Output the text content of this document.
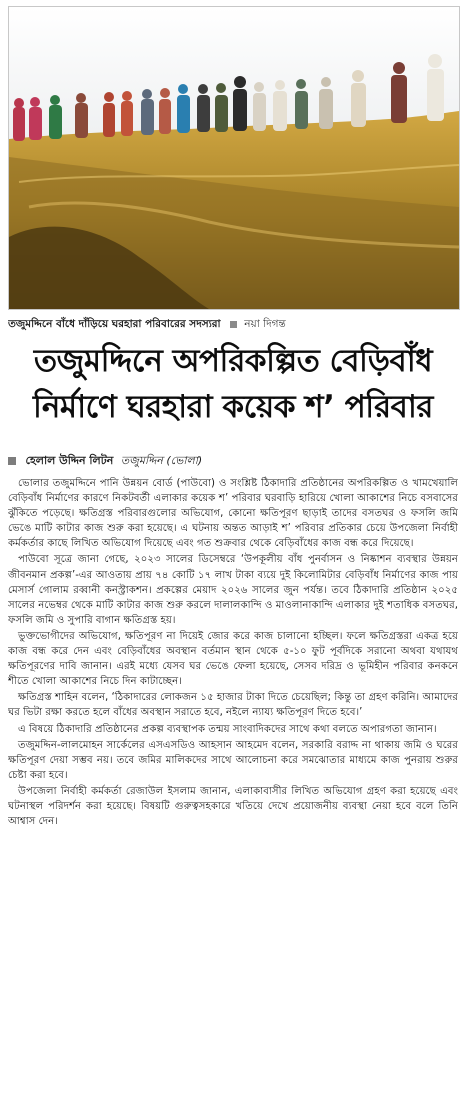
তজুমদ্দিনে বাঁধে দাঁড়িয়ে ঘরহারা পরিবারের সদস্যরা নয়া দিগন্ত
তজুমদ্দিনে অপরিকল্পিত বেড়িবাঁধ
নির্মাণে ঘরহারা কয়েক শ’ পরিবার
হেলাল উদ্দিন লিটন তজুমদ্দিন (ভোলা)

ভোলার তজুমদ্দিনে পানি উন্নয়ন বোর্ড (পাউবো) ও সংশ্লিষ্ট ঠিকাদারি প্রতিষ্ঠানের অপরিকল্পিত ও খামখেয়ালি বেড়িবাঁধ নির্মাণের কারণে নিকটবর্তী এলাকার কয়েক শ’ পরিবার ঘরবাড়ি হারিয়ে খোলা আকাশের নিচে বসবাসের ঝুঁকিতে পড়েছে। ক্ষতিগ্রস্ত পরিবারগুলোর অভিযোগ, কোনো ক্ষতিপূরণ ছাড়াই তাদের বসতঘর ও ফসলি জমি ভেঙে মাটি কাটার কাজ শুরু করা হয়েছে। এ ঘটনায় অন্তত আড়াই শ’ পরিবার প্রতিকার চেয়ে উপজেলা নির্বাহী কর্মকর্তার কাছে লিখিত অভিযোগ দিয়েছে এবং গত শুক্রবার থেকে বেড়িবাঁধের কাজ বন্ধ করে দিয়েছে।

পাউবো সূত্রে জানা গেছে, ২০২৩ সালের ডিসেম্বরে ‘উপকূলীয় বাঁধ পুনর্বাসন ও নিষ্কাশন ব্যবস্থার উন্নয়ন জীবনমান প্রকল্প’-এর আওতায় প্রায় ৭৪ কোটি ১৭ লাখ টাকা ব্যয়ে দুই কিলোমিটার বেড়িবাঁধ নির্মাণের কাজ পায় মেসার্স গোলাম রব্বানী কনস্ট্রাকশন। প্রকল্পের মেয়াদ ২০২৬ সালের জুন পর্যন্ত। তবে ঠিকাদারি প্রতিষ্ঠান ২০২৫ সালের নভেম্বর থেকে মাটি কাটার কাজ শুরু করলে দালালকান্দি ও মাওলানাকান্দি এলাকার দুই শতাধিক বসতঘর, ফসলি জমি ও সুপারি বাগান ক্ষতিগ্রস্ত হয়।

ভুক্তভোগীদের অভিযোগ, ক্ষতিপূরণ না দিয়েই জোর করে কাজ চালানো হচ্ছিল। ফলে ক্ষতিগ্রস্তরা একত্র হয়ে কাজ বন্ধ করে দেন এবং বেড়িবাঁধের অবস্থান বর্তমান স্থান থেকে ৫-১০ ফুট পূর্বদিকে সরানো অথবা যথাযথ ক্ষতিপূরণের দাবি জানান। এরই মধ্যে যেসব ঘর ভেঙে ফেলা হয়েছে, সেসব দরিদ্র ও ভূমিহীন পরিবার কনকনে শীতে খোলা আকাশের নিচে দিন কাটাচ্ছেন।

ক্ষতিগ্রস্ত শাহিন বলেন, ‘ঠিকাদারের লোকজন ১৫ হাজার টাকা দিতে চেয়েছিল; কিন্তু তা গ্রহণ করিনি। আমাদের ঘর ভিটা রক্ষা করতে হলে বাঁধের অবস্থান সরাতে হবে, নইলে ন্যায্য ক্ষতিপূরণ দিতে হবে।’

এ বিষয়ে ঠিকাদারি প্রতিষ্ঠানের প্রকল্প ব্যবস্থাপক তন্ময় সাংবাদিকদের সাথে কথা বলতে অপারগতা জানান।

তজুমদ্দিন-লালমোহন সার্কেলের এসএসডিও আহসান আহমেদ বলেন, সরকারি বরাদ্দ না থাকায় জমি ও ঘরের ক্ষতিপূরণ দেয়া সম্ভব নয়। তবে জমির মালিকদের সাথে আলোচনা করে সমঝোতার মাধ্যমে কাজ পুনরায় শুরুর চেষ্টা করা হবে।

উপজেলা নির্বাহী কর্মকর্তা রেজাউল ইসলাম জানান, এলাকাবাসীর লিখিত অভিযোগ গ্রহণ করা হয়েছে এবং ঘটনাস্থল পরিদর্শন করা হয়েছে। বিষয়টি গুরুত্বসহকারে খতিয়ে দেখে প্রয়োজনীয় ব্যবস্থা নেয়া হবে বলে তিনি আশ্বাস দেন।
